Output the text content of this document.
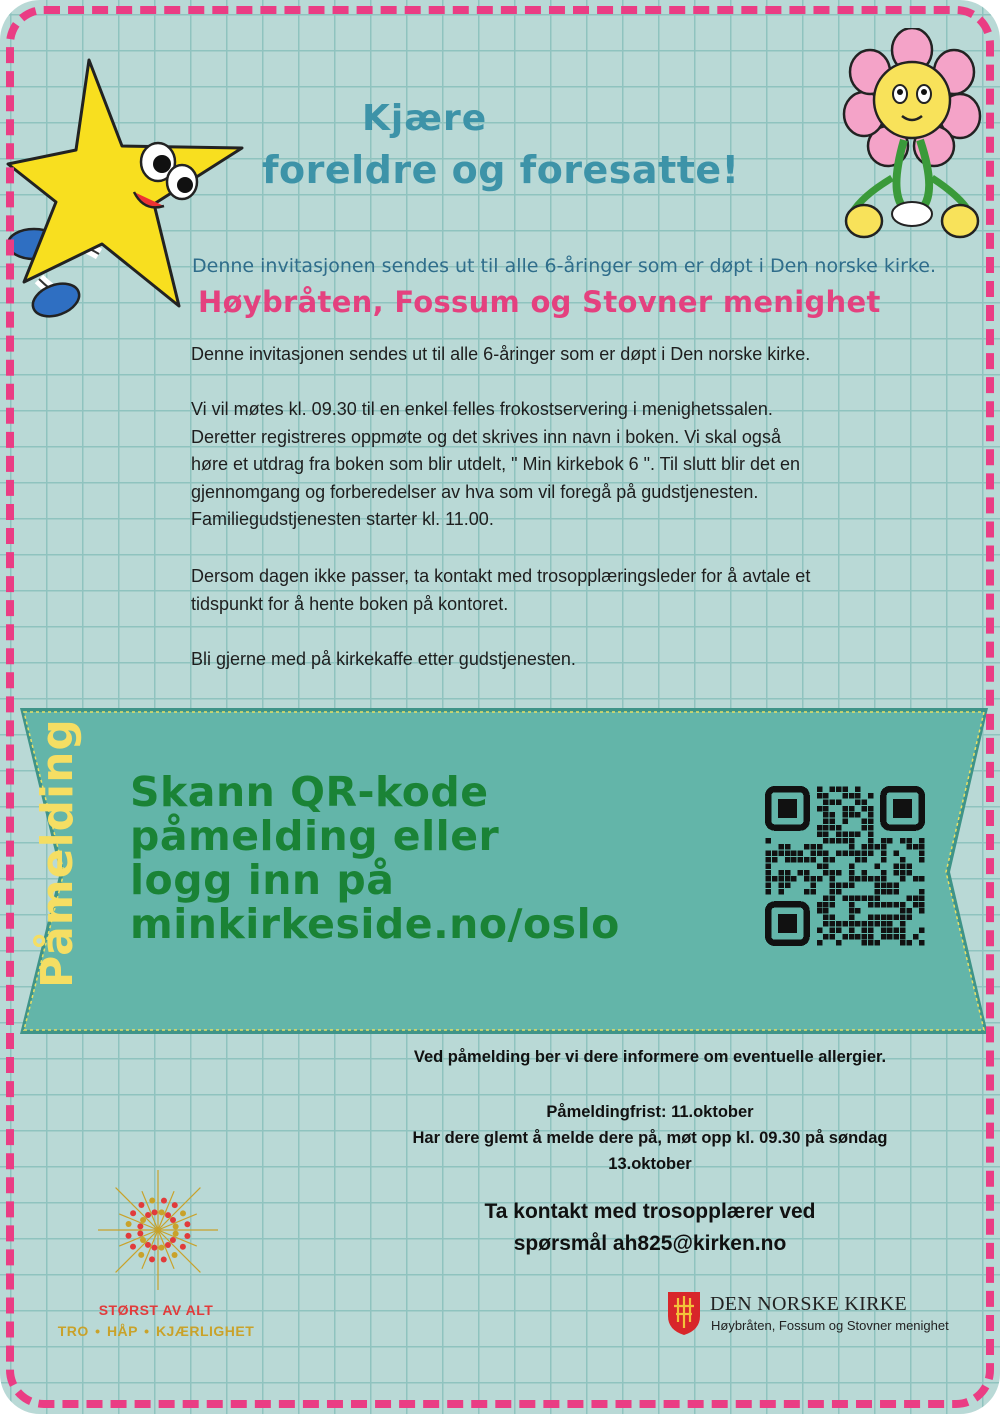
Kjære
foreldre og foresatte!
Denne invitasjonen sendes ut til alle 6-åringer som er døpt i Den norske kirke.
Høybråten, Fossum og Stovner menighet

Denne invitasjonen sendes ut til alle 6-åringer som er døpt i Den norske kirke.

Vi vil møtes kl. 09.30 til en enkel felles frokostservering i menighetssalen.
Deretter registreres oppmøte og det skrives inn navn i boken. Vi skal også
høre et utdrag fra boken som blir utdelt, " Min kirkebok 6 ". Til slutt blir det en
gjennomgang og forberedelser av hva som vil foregå på gudstjenesten.
Familiegudstjenesten starter kl. 11.00.

Dersom dagen ikke passer, ta kontakt med trosopplæringsleder for å avtale et
tidspunkt for å hente boken på kontoret.

Bli gjerne med på kirkekaffe etter gudstjenesten.

Påmelding Skann QR-kode
påmelding eller
logg inn på
minkirkeside.no/oslo
Ved påmelding ber vi dere informere om eventuelle allergier.
Påmeldingfrist: 11.oktober
Har dere glemt å melde dere på, møt opp kl. 09.30 på søndag
13.oktober
Ta kontakt med trosopplærer ved
spørsmål ah825@kirken.no
STØRST AV ALT
TRO • HÅP • KJÆRLIGHET
DEN NORSKE KIRKE
Høybråten, Fossum og Stovner menighet
